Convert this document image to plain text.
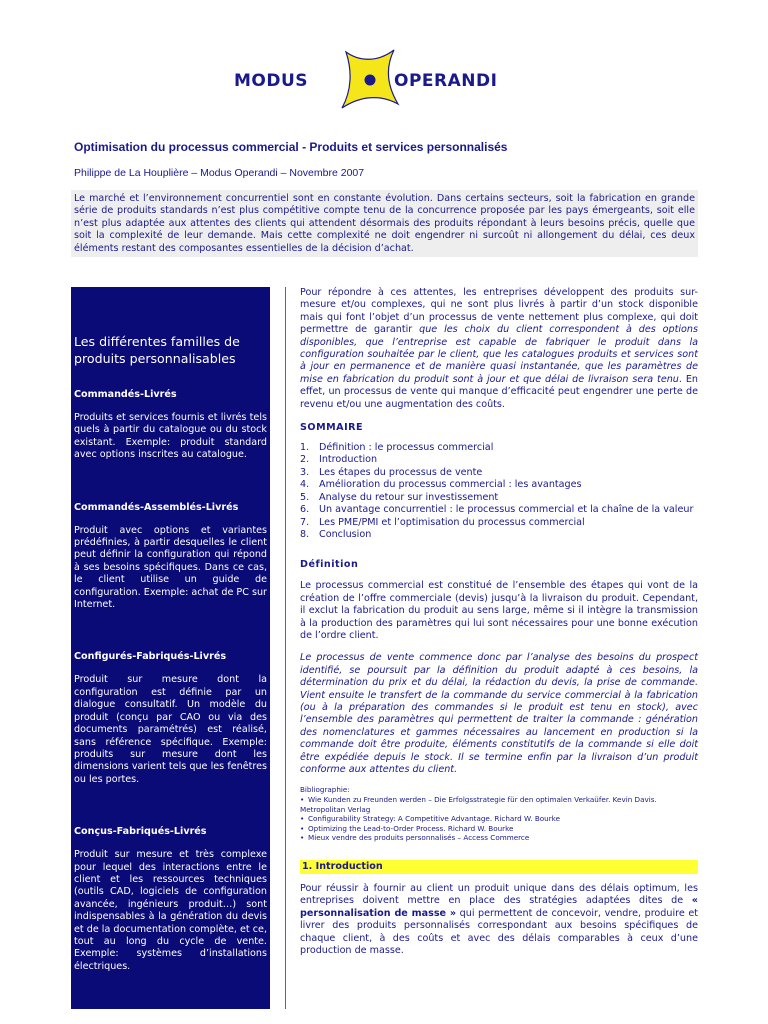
MODUS	OPERANDI
Optimisation du processus commercial - Produits et services personnalisés
Philippe de La Houplière – Modus Operandi – Novembre 2007

Le marché et l’environnement concurrentiel sont en constante évolution. Dans certains secteurs, soit la fabrication en grande série de produits standards n’est plus compétitive compte tenu de la concurrence proposée par les pays émergeants, soit elle n’est plus adaptée aux attentes des clients qui attendent désormais des produits répondant à leurs besoins précis, quelle que soit la complexité de leur demande. Mais cette complexité ne doit engendrer ni surcoût ni allongement du délai, ces deux éléments restant des composantes essentielles de la décision d’achat.

Les différentes familles de produits personnalisables
Commandés-Livrés

Produits et services fournis et livrés tels quels à partir du catalogue ou du stock existant. Exemple: produit standard avec options inscrites au catalogue.

Commandés-Assemblés-Livrés

Produit avec options et variantes prédéfinies, à partir desquelles le client peut définir la configuration qui répond à ses besoins spécifiques. Dans ce cas, le client utilise un guide de configuration. Exemple: achat de PC sur Internet.

Configurés-Fabriqués-Livrés

Produit sur mesure dont la configuration est définie par un dialogue consultatif. Un modèle du produit (conçu par CAO ou via des documents paramétrés) est réalisé, sans référence spécifique. Exemple: produits sur mesure dont les dimensions varient tels que les fenêtres ou les portes.

Conçus-Fabriqués-Livrés

Produit sur mesure et très complexe pour lequel des interactions entre le client et les ressources techniques (outils CAD, logiciels de configuration avancée, ingénieurs produit…) sont indispensables à la génération du devis et de la documentation complète, et ce, tout au long du cycle de vente. Exemple: systèmes d’installations électriques.

Pour répondre à ces attentes, les entreprises développent des produits sur-mesure et/ou complexes, qui ne sont plus livrés à partir d’un stock disponible mais qui font l’objet d’un processus de vente nettement plus complexe, qui doit permettre de garantir que les choix du client correspondent à des options disponibles, que l’entreprise est capable de fabriquer le produit dans la configuration souhaitée par le client, que les catalogues produits et services sont à jour en permanence et de manière quasi instantanée, que les paramètres de mise en fabrication du produit sont à jour et que délai de livraison sera tenu. En effet, un processus de vente qui manque d’efficacité peut engendrer une perte de revenu et/ou une augmentation des coûts.

SOMMAIRE
1.	Définition : le processus commercial
2.	Introduction
3.	Les étapes du processus de vente
4.	Amélioration du processus commercial : les avantages
5.	Analyse du retour sur investissement
6.	Un avantage concurrentiel : le processus commercial et la chaîne de la valeur
7.	Les PME/PMI et l’optimisation du processus commercial
8.	Conclusion
Définition

Le processus commercial est constitué de l’ensemble des étapes qui vont de la création de l’offre commerciale (devis) jusqu’à la livraison du produit. Cependant, il exclut la fabrication du produit au sens large, même si il intègre la transmission à la production des paramètres qui lui sont nécessaires pour une bonne exécution de l’ordre client.

Le processus de vente commence donc par l’analyse des besoins du prospect identifié, se poursuit par la définition du produit adapté à ces besoins, la détermination du prix et du délai, la rédaction du devis, la prise de commande. Vient ensuite le transfert de la commande du service commercial à la fabrication (ou à la préparation des commandes si le produit est tenu en stock), avec l’ensemble des paramètres qui permettent de traiter la commande : génération des nomenclatures et gammes nécessaires au lancement en production si la commande doit être produite, éléments constitutifs de la commande si elle doit être expédiée depuis le stock. Il se termine enfin par la livraison d’un produit conforme aux attentes du client.

Bibliographie:
• Wie Kunden zu Freunden werden – Die Erfolgsstrategie für den optimalen Verkaüfer. Kevin Davis. Metropolitan Verlag
• Configurability Strategy: A Competitive Advantage. Richard W. Bourke
• Optimizing the Lead-to-Order Process. Richard W. Bourke
• Mieux vendre des produits personnalisés – Access Commerce
1. Introduction

Pour réussir à fournir au client un produit unique dans des délais optimum, les entreprises doivent mettre en place des stratégies adaptées dites de « personnalisation de masse » qui permettent de concevoir, vendre, produire et livrer des produits personnalisés correspondant aux besoins spécifiques de chaque client, à des coûts et avec des délais comparables à ceux d’une production de masse.
